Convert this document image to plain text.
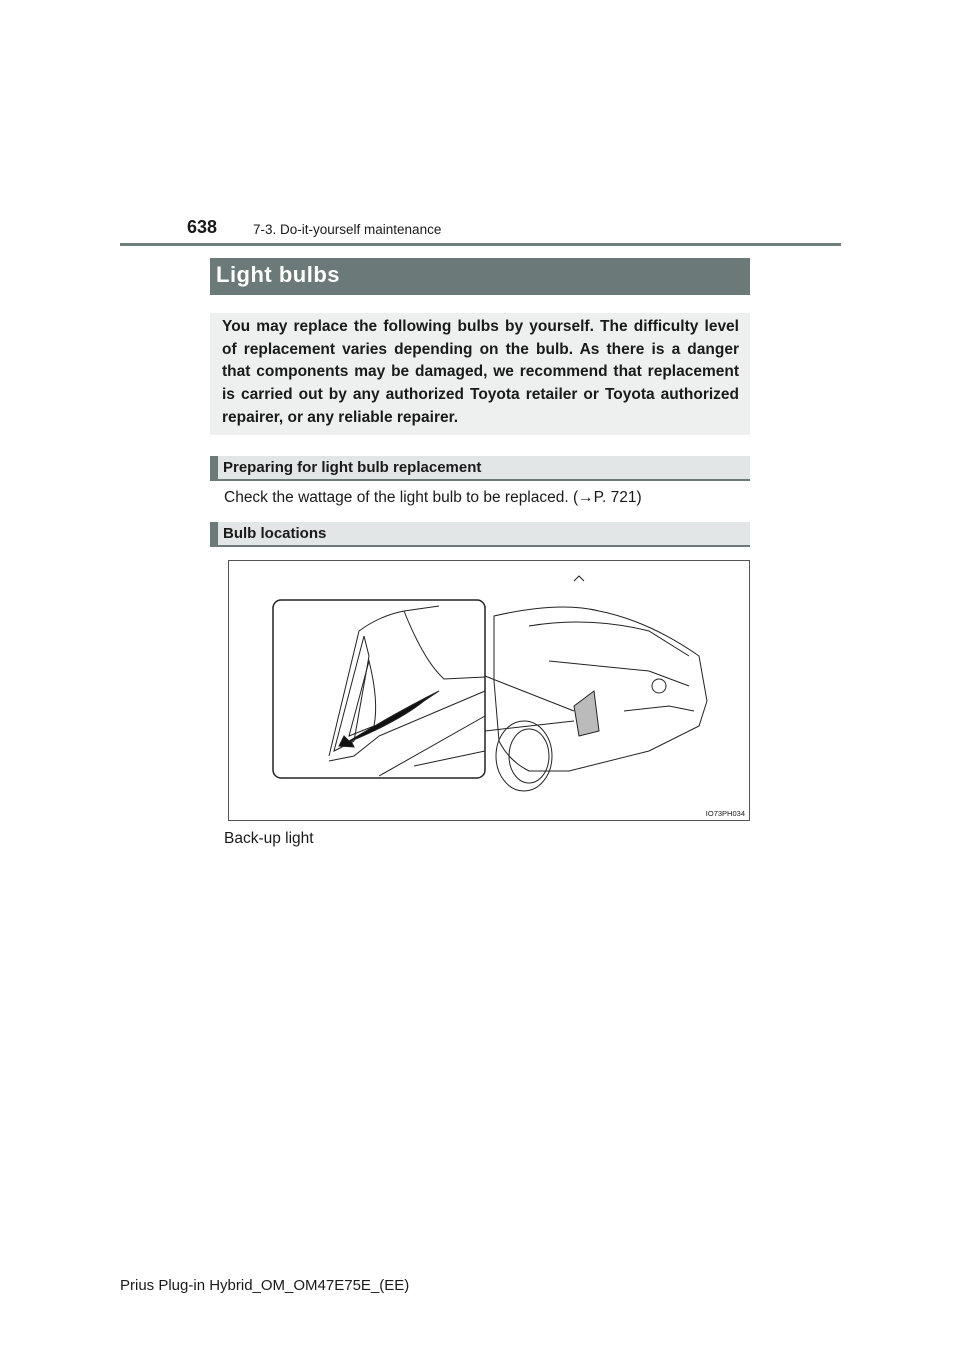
638	7-3. Do-it-yourself maintenance
Light bulbs

You may replace the following bulbs by yourself. The difficulty level of replacement varies depending on the bulb. As there is a danger that components may be damaged, we recommend that replacement is carried out by any authorized Toyota retailer or Toyota authorized repairer, or any reliable repairer.

Preparing for light bulb replacement
Check the wattage of the light bulb to be replaced. (→P. 721)
Bulb locations
IO73PH034
Back-up light
Prius Plug-in Hybrid_OM_OM47E75E_(EE)
